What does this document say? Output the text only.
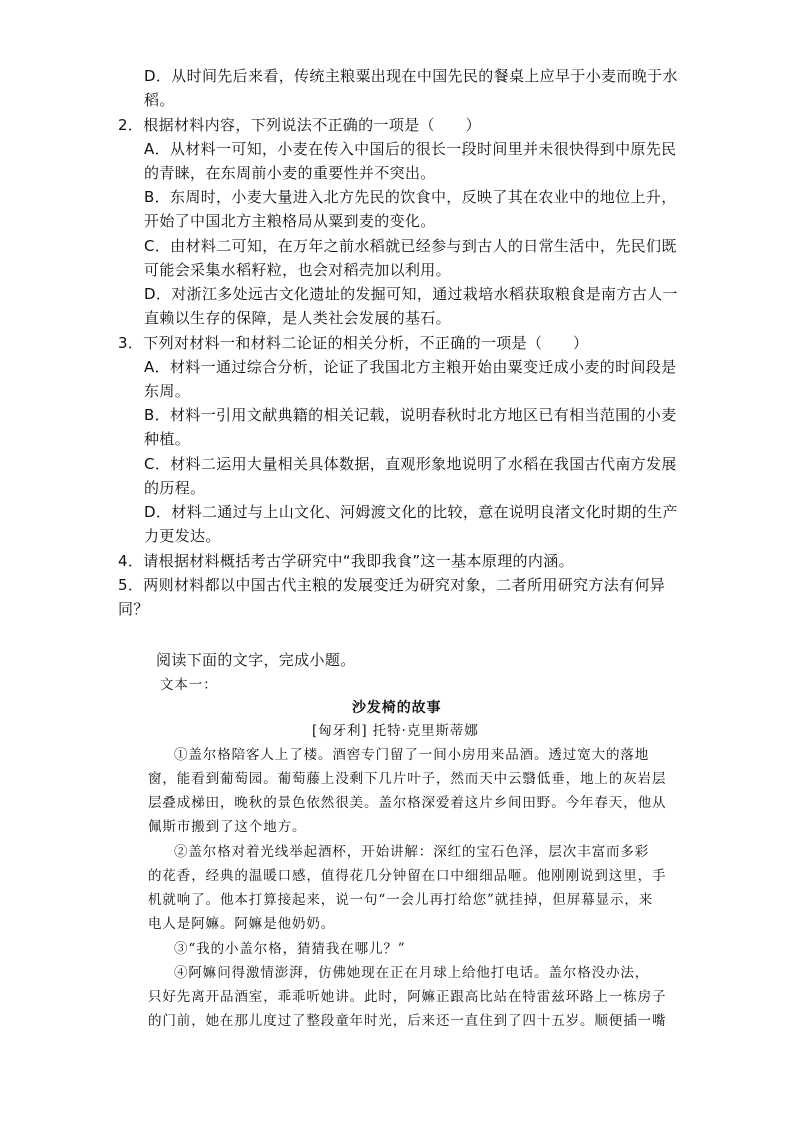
D．从时间先后来看，传统主粮粟出现在中国先民的餐桌上应早于小麦而晚于水
稻。
2．根据材料内容，下列说法不正确的一项是（　　）
A．从材料一可知，小麦在传入中国后的很长一段时间里并未很快得到中原先民
的青睐，在东周前小麦的重要性并不突出。
B．东周时，小麦大量进入北方先民的饮食中，反映了其在农业中的地位上升，
开始了中国北方主粮格局从粟到麦的变化。
C．由材料二可知，在万年之前水稻就已经参与到古人的日常生活中，先民们既
可能会采集水稻籽粒，也会对稻壳加以利用。
D．对浙江多处远古文化遗址的发掘可知，通过栽培水稻获取粮食是南方古人一
直赖以生存的保障，是人类社会发展的基石。
3．下列对材料一和材料二论证的相关分析，不正确的一项是（　　）
A．材料一通过综合分析，论证了我国北方主粮开始由粟变迁成小麦的时间段是
东周。
B．材料一引用文献典籍的相关记载，说明春秋时北方地区已有相当范围的小麦
种植。
C．材料二运用大量相关具体数据，直观形象地说明了水稻在我国古代南方发展
的历程。
D．材料二通过与上山文化、河姆渡文化的比较，意在说明良渚文化时期的生产
力更发达。
4．请根据材料概括考古学研究中“我即我食”这一基本原理的内涵。
5．两则材料都以中国古代主粮的发展变迁为研究对象，二者所用研究方法有何异
同？
阅读下面的文字，完成小题。
文本一：
沙发椅的故事
[匈牙利] 托特·克里斯蒂娜
①盖尔格陪客人上了楼。酒窖专门留了一间小房用来品酒。透过宽大的落地
窗，能看到葡萄园。葡萄藤上没剩下几片叶子，然而天中云翳低垂，地上的灰岩层
层叠成梯田，晚秋的景色依然很美。盖尔格深爱着这片乡间田野。今年春天，他从
佩斯市搬到了这个地方。
②盖尔格对着光线举起酒杯，开始讲解：深红的宝石色泽，层次丰富而多彩
的花香，经典的温暖口感，值得花几分钟留在口中细细品咂。他刚刚说到这里，手
机就响了。他本打算接起来，说一句“一会儿再打给您”就挂掉，但屏幕显示，来
电人是阿嫲。阿嫲是他奶奶。
③“我的小盖尔格，猜猜我在哪儿？”
④阿嫲问得激情澎湃，仿佛她现在正在月球上给他打电话。盖尔格没办法，
只好先离开品酒室，乖乖听她讲。此时，阿嫲正跟高比站在特雷兹环路上一栋房子
的门前，她在那儿度过了整段童年时光，后来还一直住到了四十五岁。顺便插一嘴
